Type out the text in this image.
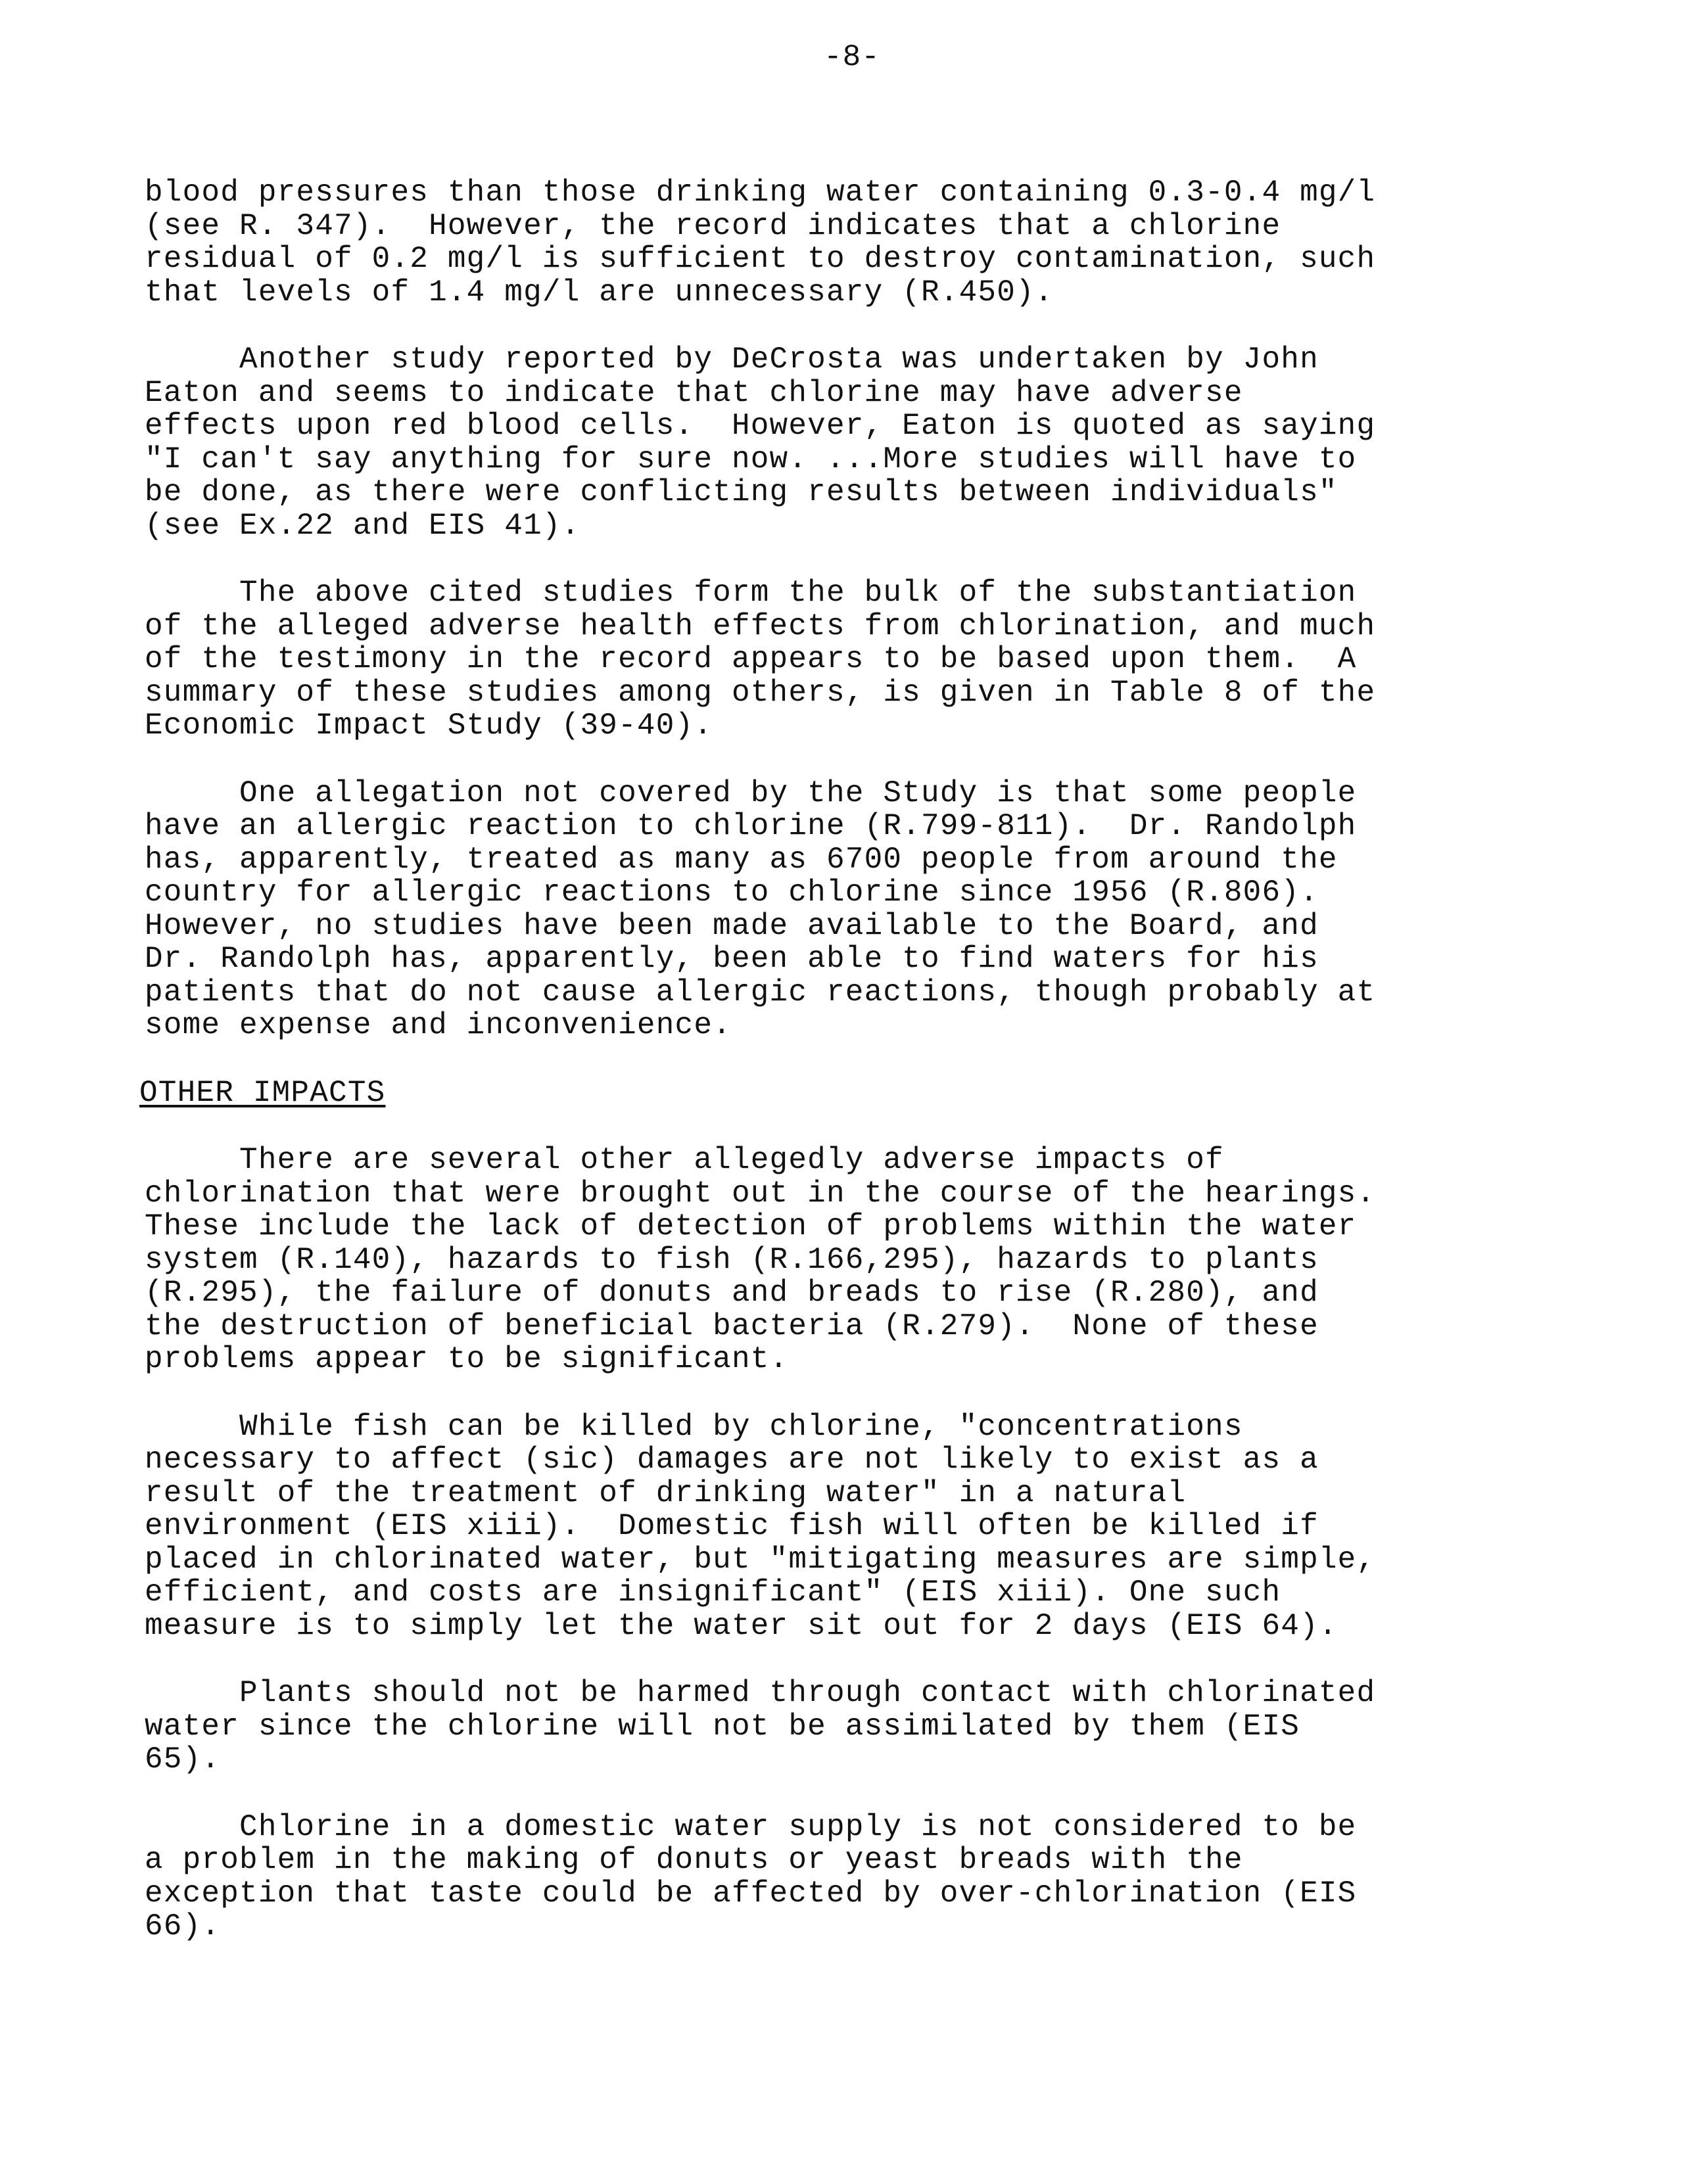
-8-
blood pressures than those drinking water containing 0.3-0.4 mg/l
(see R. 347).  However, the record indicates that a chlorine
residual of 0.2 mg/l is sufficient to destroy contamination, such
that levels of 1.4 mg/l are unnecessary (R.450).
Another study reported by DeCrosta was undertaken by John
Eaton and seems to indicate that chlorine may have adverse
effects upon red blood cells.  However, Eaton is quoted as saying
"I can't say anything for sure now. ...More studies will have to
be done, as there were conflicting results between individuals"
(see Ex.22 and EIS 41).
The above cited studies form the bulk of the substantiation
of the alleged adverse health effects from chlorination, and much
of the testimony in the record appears to be based upon them.  A
summary of these studies among others, is given in Table 8 of the
Economic Impact Study (39-40).
One allegation not covered by the Study is that some people
have an allergic reaction to chlorine (R.799-811).  Dr. Randolph
has, apparently, treated as many as 6700 people from around the
country for allergic reactions to chlorine since 1956 (R.806).
However, no studies have been made available to the Board, and
Dr. Randolph has, apparently, been able to find waters for his
patients that do not cause allergic reactions, though probably at
some expense and inconvenience.
OTHER IMPACTS
There are several other allegedly adverse impacts of
chlorination that were brought out in the course of the hearings.
These include the lack of detection of problems within the water
system (R.140), hazards to fish (R.166,295), hazards to plants
(R.295), the failure of donuts and breads to rise (R.280), and
the destruction of beneficial bacteria (R.279).  None of these
problems appear to be significant.
While fish can be killed by chlorine, "concentrations
necessary to affect (sic) damages are not likely to exist as a
result of the treatment of drinking water" in a natural
environment (EIS xiii).  Domestic fish will often be killed if
placed in chlorinated water, but "mitigating measures are simple,
efficient, and costs are insignificant" (EIS xiii). One such
measure is to simply let the water sit out for 2 days (EIS 64).
Plants should not be harmed through contact with chlorinated
water since the chlorine will not be assimilated by them (EIS
65).
Chlorine in a domestic water supply is not considered to be
a problem in the making of donuts or yeast breads with the
exception that taste could be affected by over-chlorination (EIS
66).
